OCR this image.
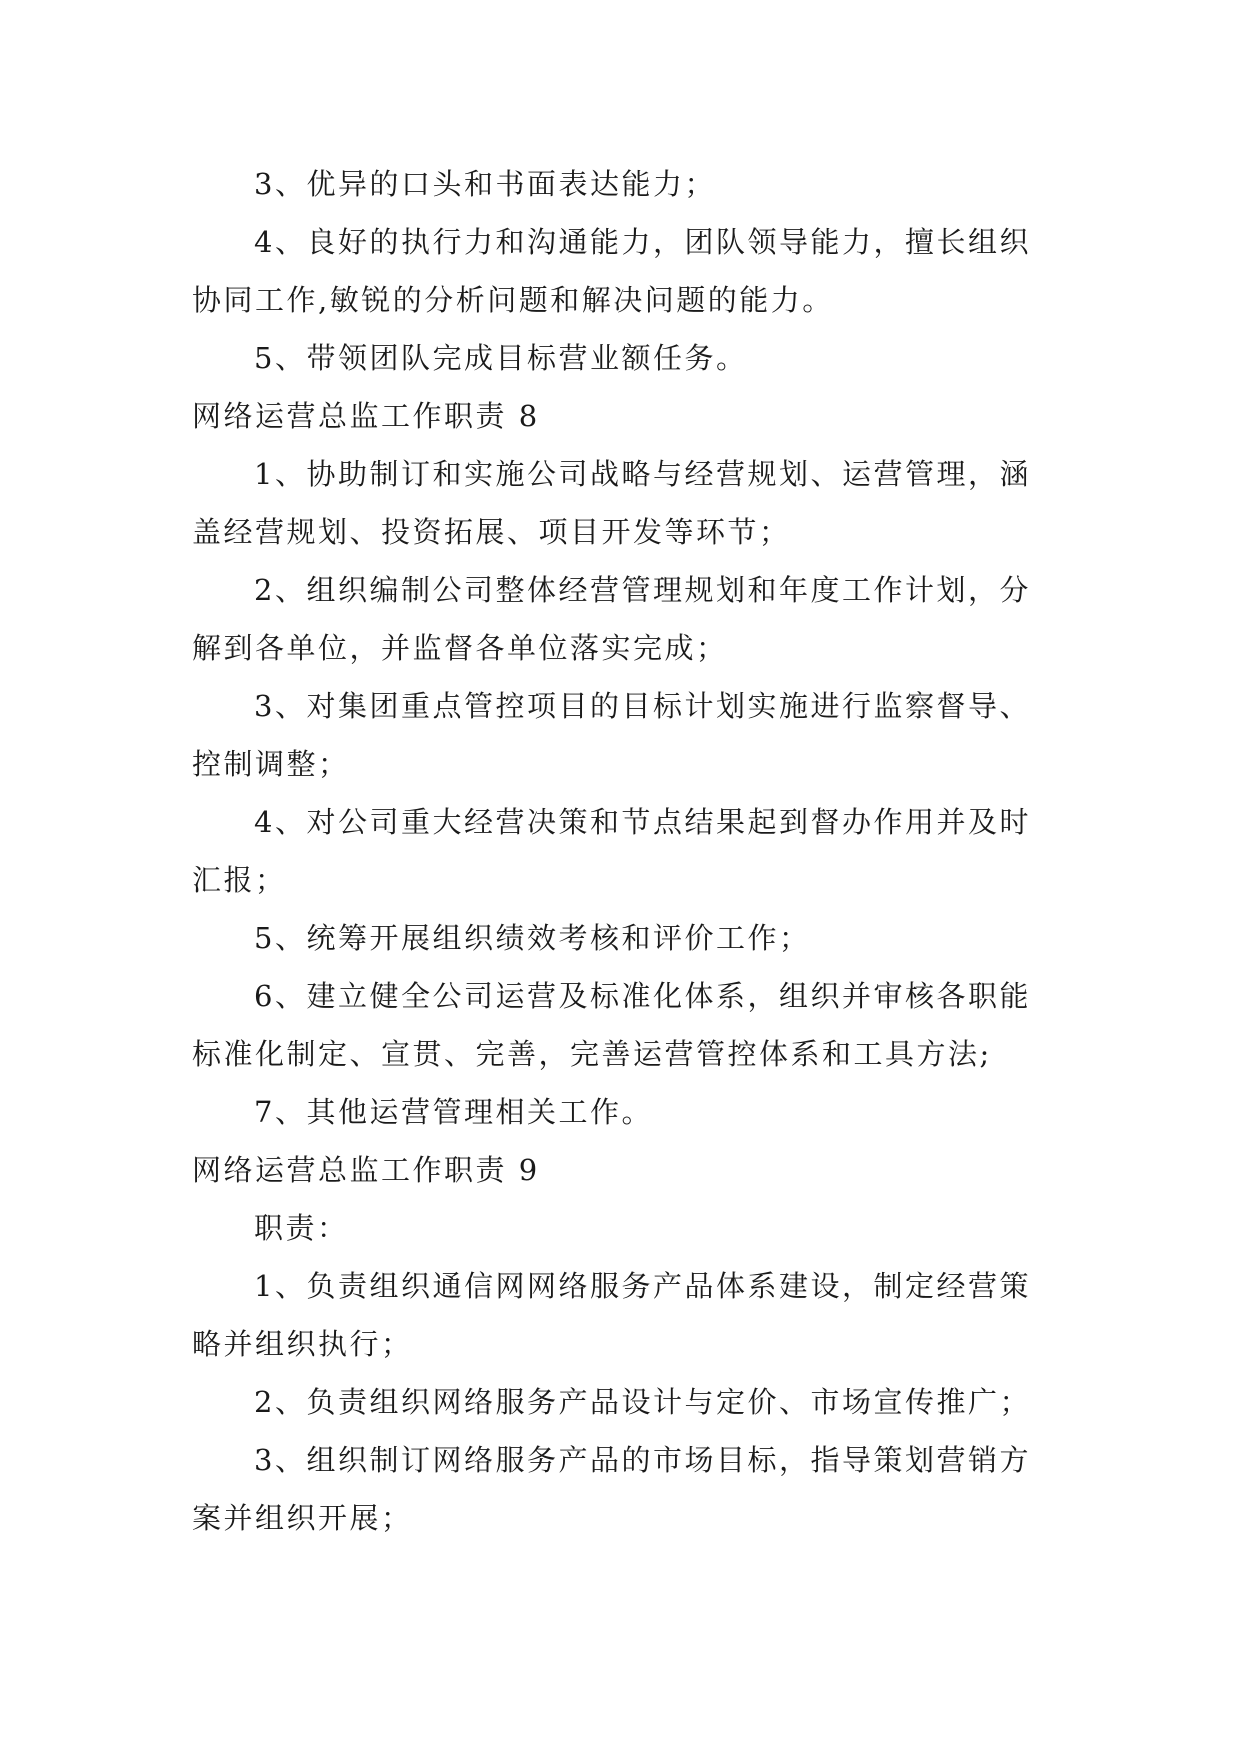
3、优异的口头和书面表达能力；

4、良好的执行力和沟通能力，团队领导能力，擅长组织协同工作,敏锐的分析问题和解决问题的能力。

5、带领团队完成目标营业额任务。

网络运营总监工作职责 8

1、协助制订和实施公司战略与经营规划、运营管理，涵盖经营规划、投资拓展、项目开发等环节；

2、组织编制公司整体经营管理规划和年度工作计划，分解到各单位，并监督各单位落实完成；

3、对集团重点管控项目的目标计划实施进行监察督导、控制调整；

4、对公司重大经营决策和节点结果起到督办作用并及时汇报；

5、统筹开展组织绩效考核和评价工作；

6、建立健全公司运营及标准化体系，组织并审核各职能标准化制定、宣贯、完善，完善运营管控体系和工具方法;

7、其他运营管理相关工作。

网络运营总监工作职责 9

职责：

1、负责组织通信网网络服务产品体系建设，制定经营策略并组织执行；

2、负责组织网络服务产品设计与定价、市场宣传推广；

3、组织制订网络服务产品的市场目标，指导策划营销方案并组织开展；
